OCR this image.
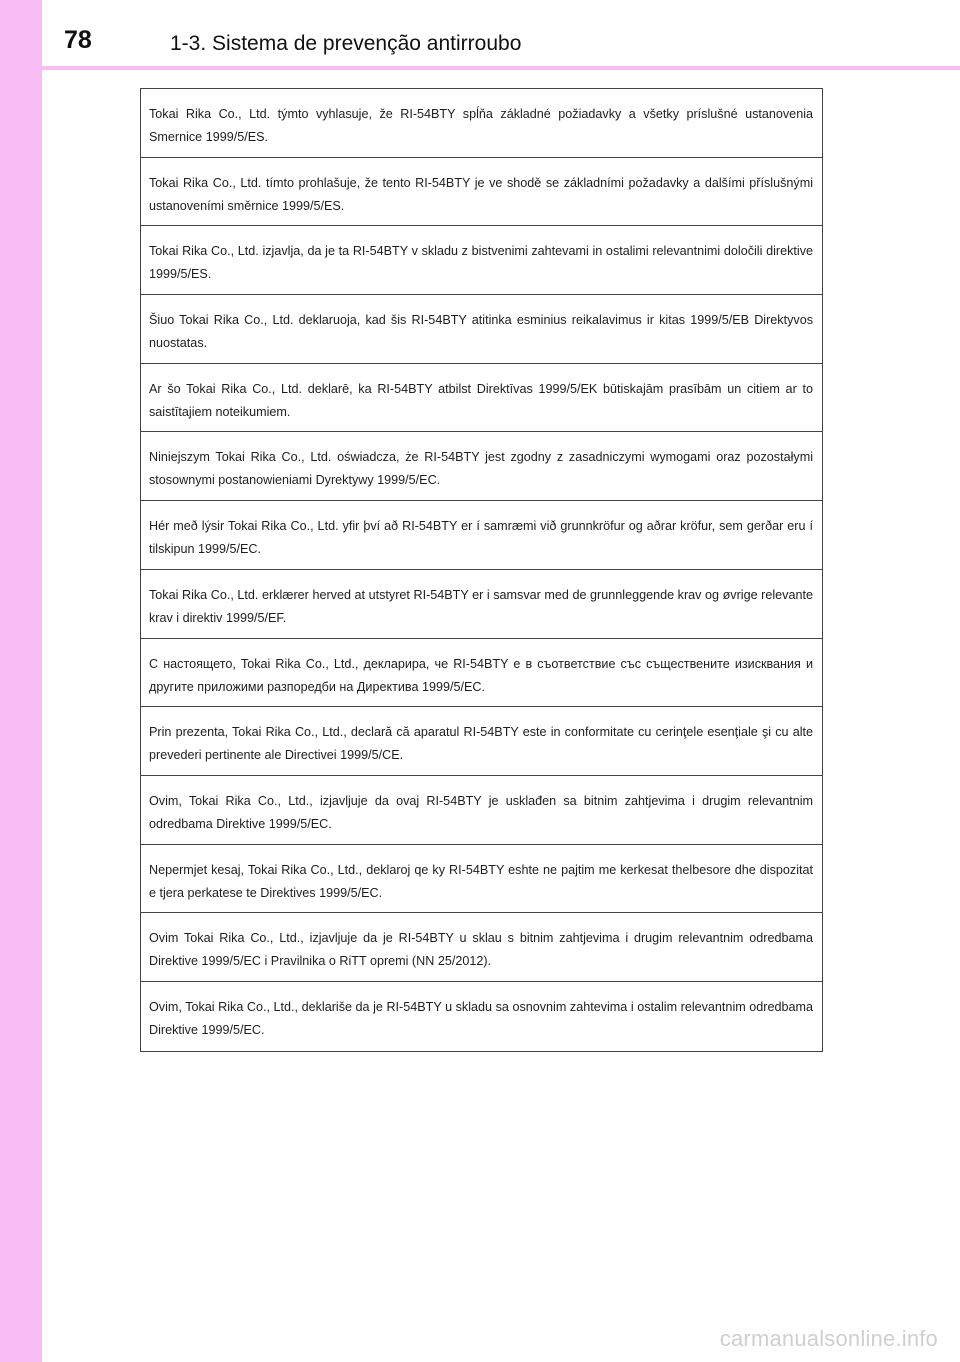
78	1-3. Sistema de prevenção antirroubo
Tokai Rika Co., Ltd. týmto vyhlasuje, že RI-54BTY spĺňa základné požiadavky a všetky príslušné ustanovenia Smernice 1999/5/ES.
Tokai Rika Co., Ltd. tímto prohlašuje, že tento RI-54BTY je ve shodě se základními požadavky a dalšími příslušnými ustanoveními směrnice 1999/5/ES.
Tokai Rika Co., Ltd. izjavlja, da je ta RI-54BTY v skladu z bistvenimi zahtevami in ostalimi relevantnimi določili direktive 1999/5/ES.
Šiuo Tokai Rika Co., Ltd. deklaruoja, kad šis RI-54BTY atitinka esminius reikalavimus ir kitas 1999/5/EB Direktyvos nuostatas.
Ar šo Tokai Rika Co., Ltd. deklarē, ka RI-54BTY atbilst Direktīvas 1999/5/EK būtiskajām prasībām un citiem ar to saistītajiem noteikumiem.
Niniejszym Tokai Rika Co., Ltd. oświadcza, że RI-54BTY jest zgodny z zasadniczymi wymogami oraz pozostałymi stosownymi postanowieniami Dyrektywy 1999/5/EC.
Hér með lýsir Tokai Rika Co., Ltd. yfir því að RI-54BTY er í samræmi við grunnkröfur og aðrar kröfur, sem gerðar eru í tilskipun 1999/5/EC.
Tokai Rika Co., Ltd. erklærer herved at utstyret RI-54BTY er i samsvar med de grunnleggende krav og øvrige relevante krav i direktiv 1999/5/EF.
С настоящето, Tokai Rika Co., Ltd., декларира, че RI-54BTY е в съответствие със съществените изисквания и другите приложими разпоредби на Директива 1999/5/ЕС.
Prin prezenta, Tokai Rika Co., Ltd., declară că aparatul RI-54BTY este in conformitate cu cerinţele esenţiale şi cu alte prevederi pertinente ale Directivei 1999/5/CE.
Ovim, Tokai Rika Co., Ltd., izjavljuje da ovaj RI-54BTY je usklađen sa bitnim zahtjevima i drugim relevantnim odredbama Direktive 1999/5/EC.
Nepermjet kesaj, Tokai Rika Co., Ltd., deklaroj qe ky RI-54BTY eshte ne pajtim me kerkesat thelbesore dhe dispozitat e tjera perkatese te Direktives 1999/5/EC.
Ovim Tokai Rika Co., Ltd., izjavljuje da je RI-54BTY u sklau s bitnim zahtjevima i drugim relevantnim odredbama Direktive 1999/5/EC i Pravilnika o RiTT opremi (NN 25/2012).
Ovim, Tokai Rika Co., Ltd., deklariše da je RI-54BTY u skladu sa osnovnim zahtevima i ostalim relevantnim odredbama Direktive 1999/5/EC.
carmanualsonline.info
